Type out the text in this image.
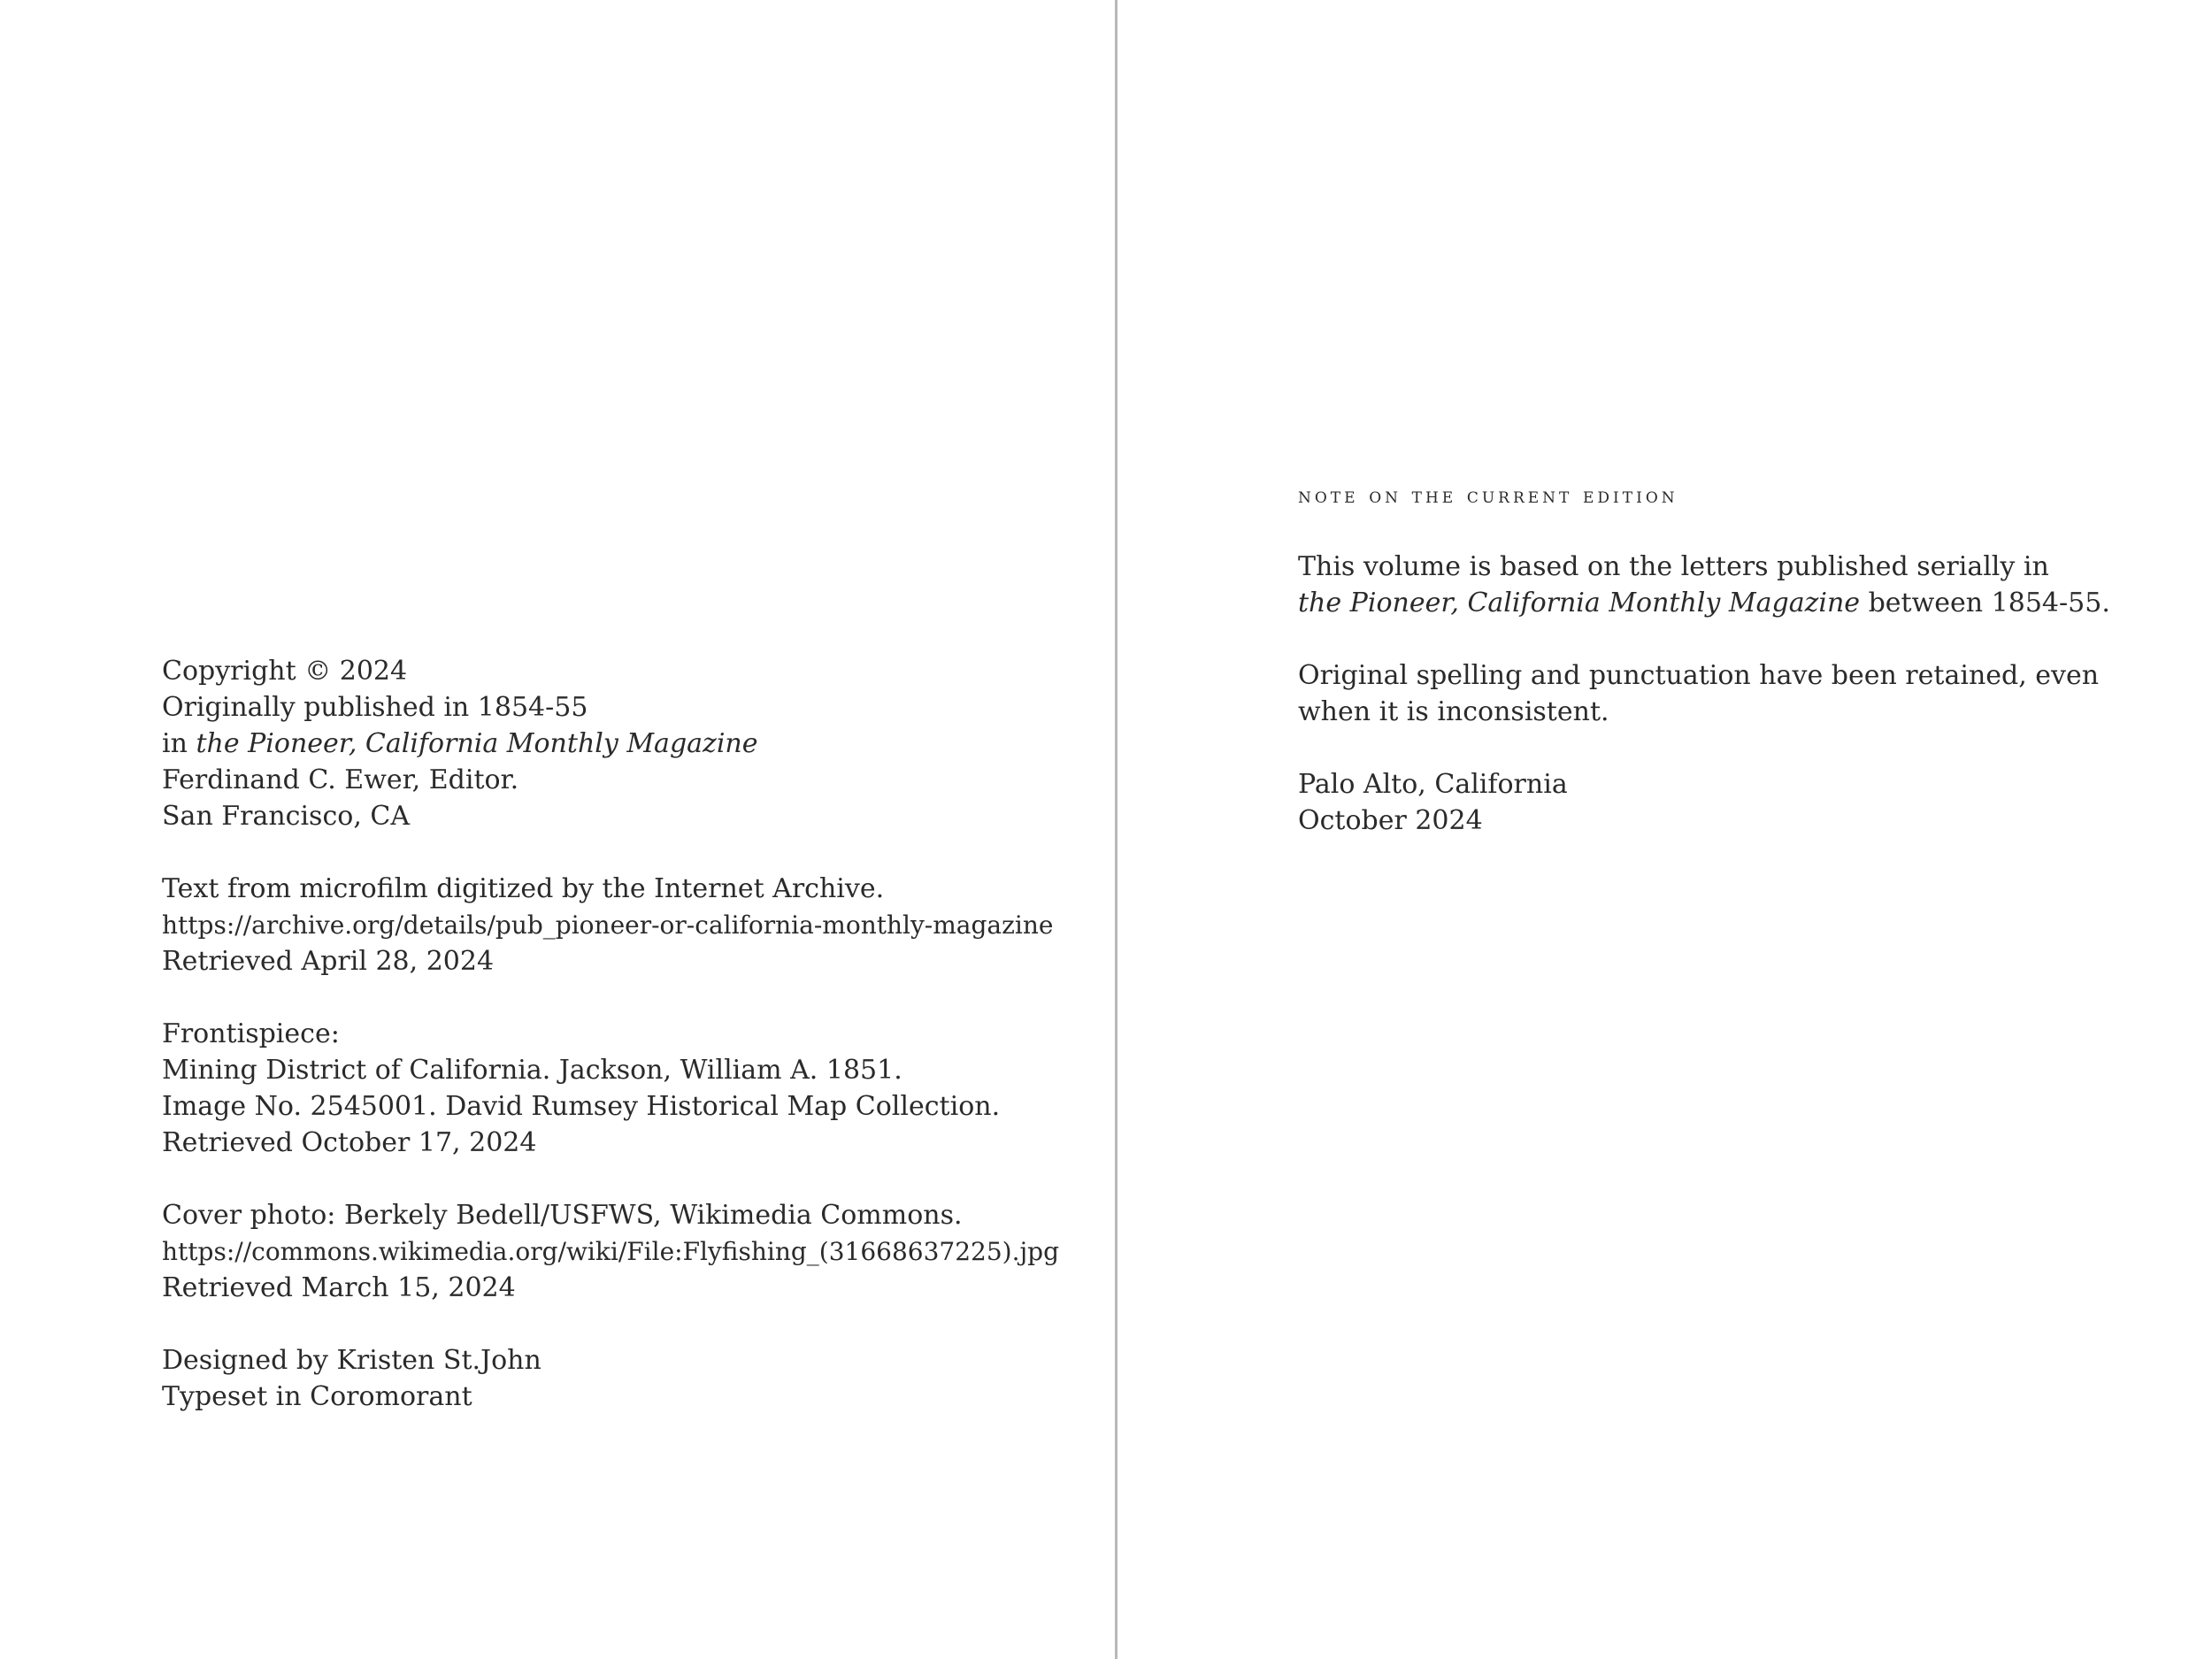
Copyright © 2024
Originally published in 1854-55
in the Pioneer, California Monthly Magazine
Ferdinand C. Ewer, Editor.
San Francisco, CA
Text from microfilm digitized by the Internet Archive.
https://archive.org/details/pub_pioneer-or-california-monthly-magazine
Retrieved April 28, 2024
Frontispiece:
Mining District of California. Jackson, William A. 1851.
Image No. 2545001. David Rumsey Historical Map Collection.
Retrieved October 17, 2024
Cover photo: Berkely Bedell/USFWS, Wikimedia Commons.
https://commons.wikimedia.org/wiki/File:Flyfishing_(31668637225).jpg
Retrieved March 15, 2024
Designed by Kristen St.John
Typeset in Coromorant
note on the current edition
This volume is based on the letters published serially in
the Pioneer, California Monthly Magazine between 1854-55.
Original spelling and punctuation have been retained, even
when it is inconsistent.
Palo Alto, California
October 2024
